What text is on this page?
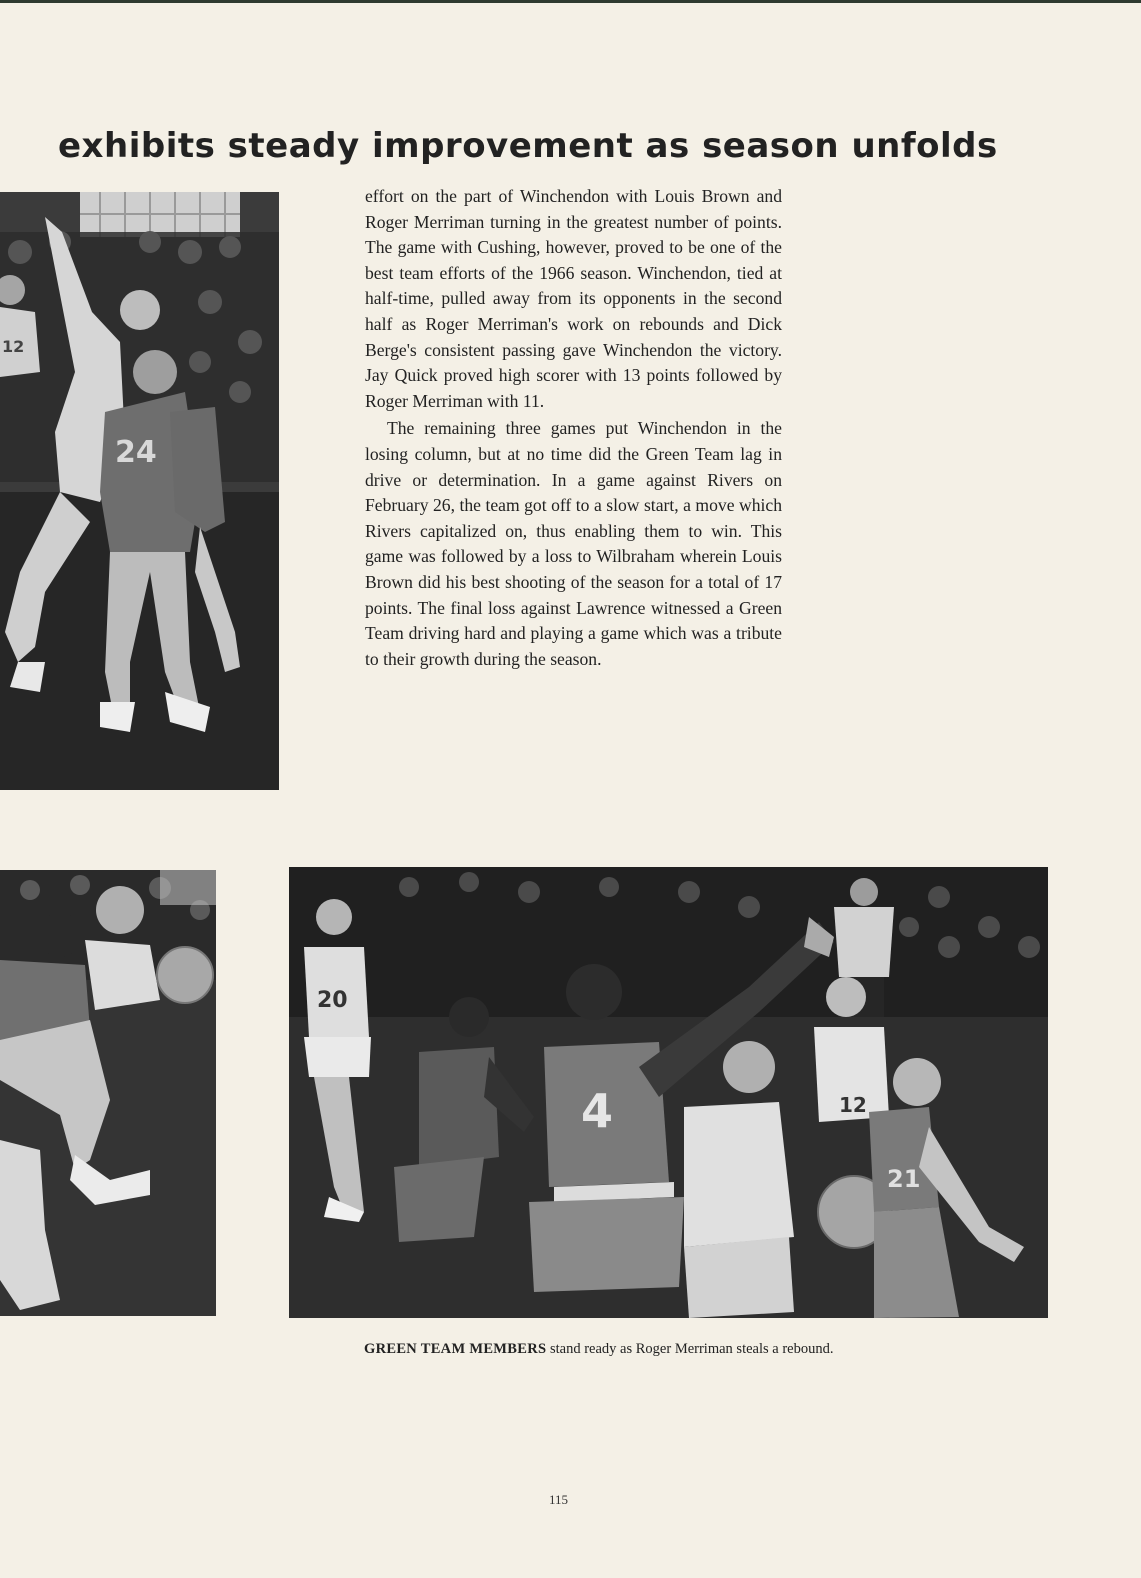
exhibits steady improvement as season unfolds
24
12

effort on the part of Winchendon with Louis Brown and Roger Merriman turning in the greatest number of points. The game with Cushing, however, proved to be one of the best team efforts of the 1966 season. Winchendon, tied at half-time, pulled away from its opponents in the second half as Roger Merriman's work on rebounds and Dick Berge's consistent passing gave Winchendon the victory. Jay Quick proved high scorer with 13 points followed by Roger Merriman with 11.

The remaining three games put Winchendon in the losing column, but at no time did the Green Team lag in drive or determination. In a game against Rivers on February 26, the team got off to a slow start, a move which Rivers capitalized on, thus enabling them to win. This game was followed by a loss to Wilbraham wherein Louis Brown did his best shooting of the season for a total of 17 points. The final loss against Lawrence witnessed a Green Team driving hard and playing a game which was a tribute to their growth during the season.

20
4	12
21
GREEN TEAM MEMBERS stand ready as Roger Merriman steals a rebound.
115
